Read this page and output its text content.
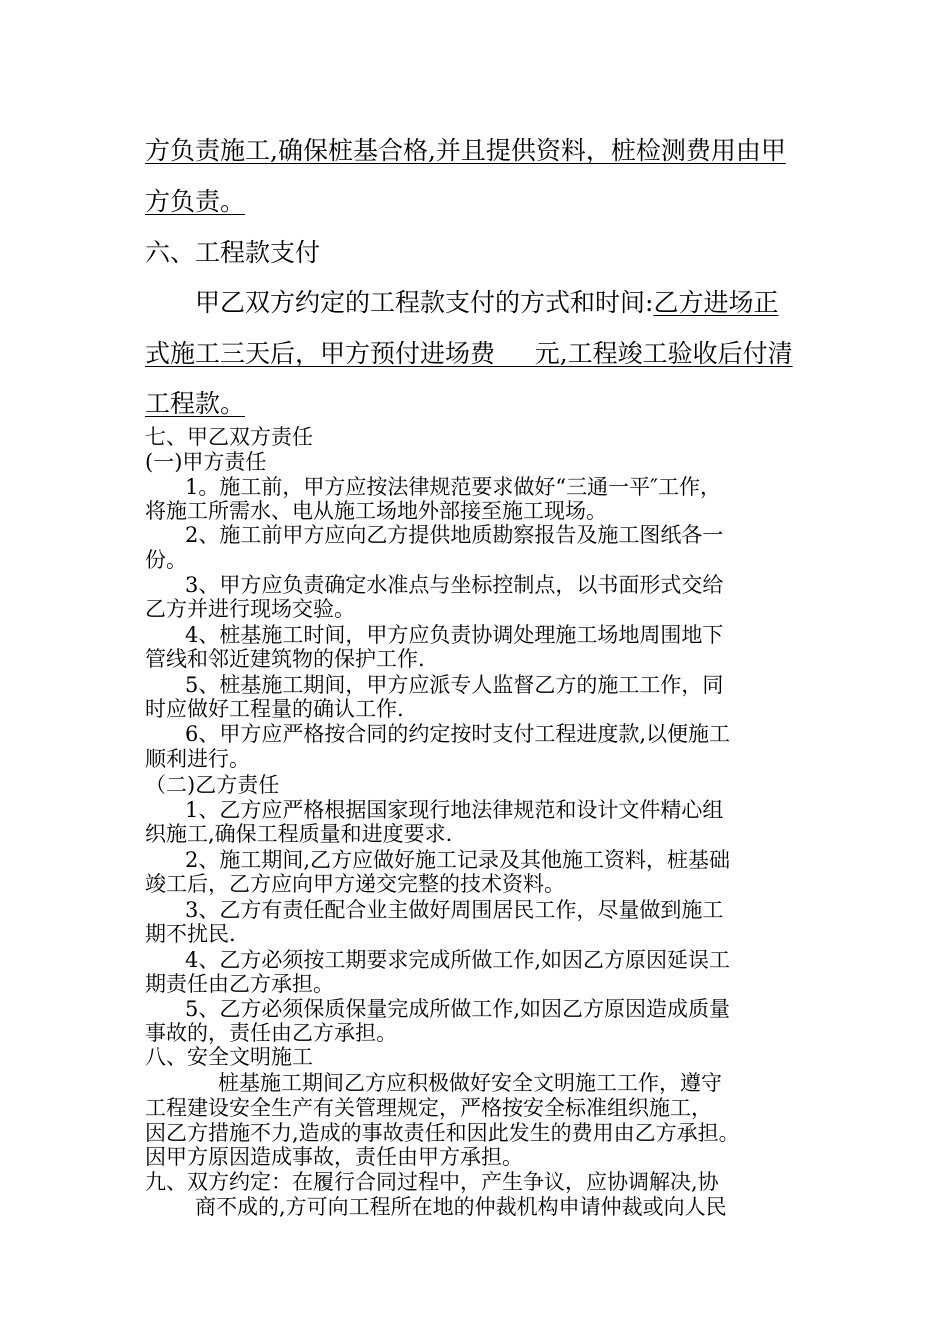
方负责施工,确保桩基合格,并且提供资料，桩检测费用由甲
方负责。
六、工程款支付
甲乙双方约定的工程款支付的方式和时间:乙方进场正
式施工三天后，甲方预付进场费     元,工程竣工验收后付清
工程款。
七、甲乙双方责任
(一)甲方责任
1。施工前，甲方应按法律规范要求做好“三通一平″工作，
将施工所需水、电从施工场地外部接至施工现场。
2、施工前甲方应向乙方提供地质勘察报告及施工图纸各一
份。
3、甲方应负责确定水准点与坐标控制点，以书面形式交给
乙方并进行现场交验。
4、桩基施工时间，甲方应负责协调处理施工场地周围地下
管线和邻近建筑物的保护工作.
5、桩基施工期间，甲方应派专人监督乙方的施工工作，同
时应做好工程量的确认工作.
6、甲方应严格按合同的约定按时支付工程进度款,以便施工
顺利进行。
（二)乙方责任
1、乙方应严格根据国家现行地法律规范和设计文件精心组
织施工,确保工程质量和进度要求.
2、施工期间,乙方应做好施工记录及其他施工资料，桩基础
竣工后，乙方应向甲方递交完整的技术资料。
3、乙方有责任配合业主做好周围居民工作，尽量做到施工
期不扰民.
4、乙方必须按工期要求完成所做工作,如因乙方原因延误工
期责任由乙方承担。
5、乙方必须保质保量完成所做工作,如因乙方原因造成质量
事故的，责任由乙方承担。
八、安全文明施工
桩基施工期间乙方应积极做好安全文明施工工作，遵守
工程建设安全生产有关管理规定，严格按安全标准组织施工，
因乙方措施不力,造成的事故责任和因此发生的费用由乙方承担。
因甲方原因造成事故，责任由甲方承担。
九、双方约定：在履行合同过程中，产生争议，应协调解决,协
商不成的,方可向工程所在地的仲裁机构申请仲裁或向人民
